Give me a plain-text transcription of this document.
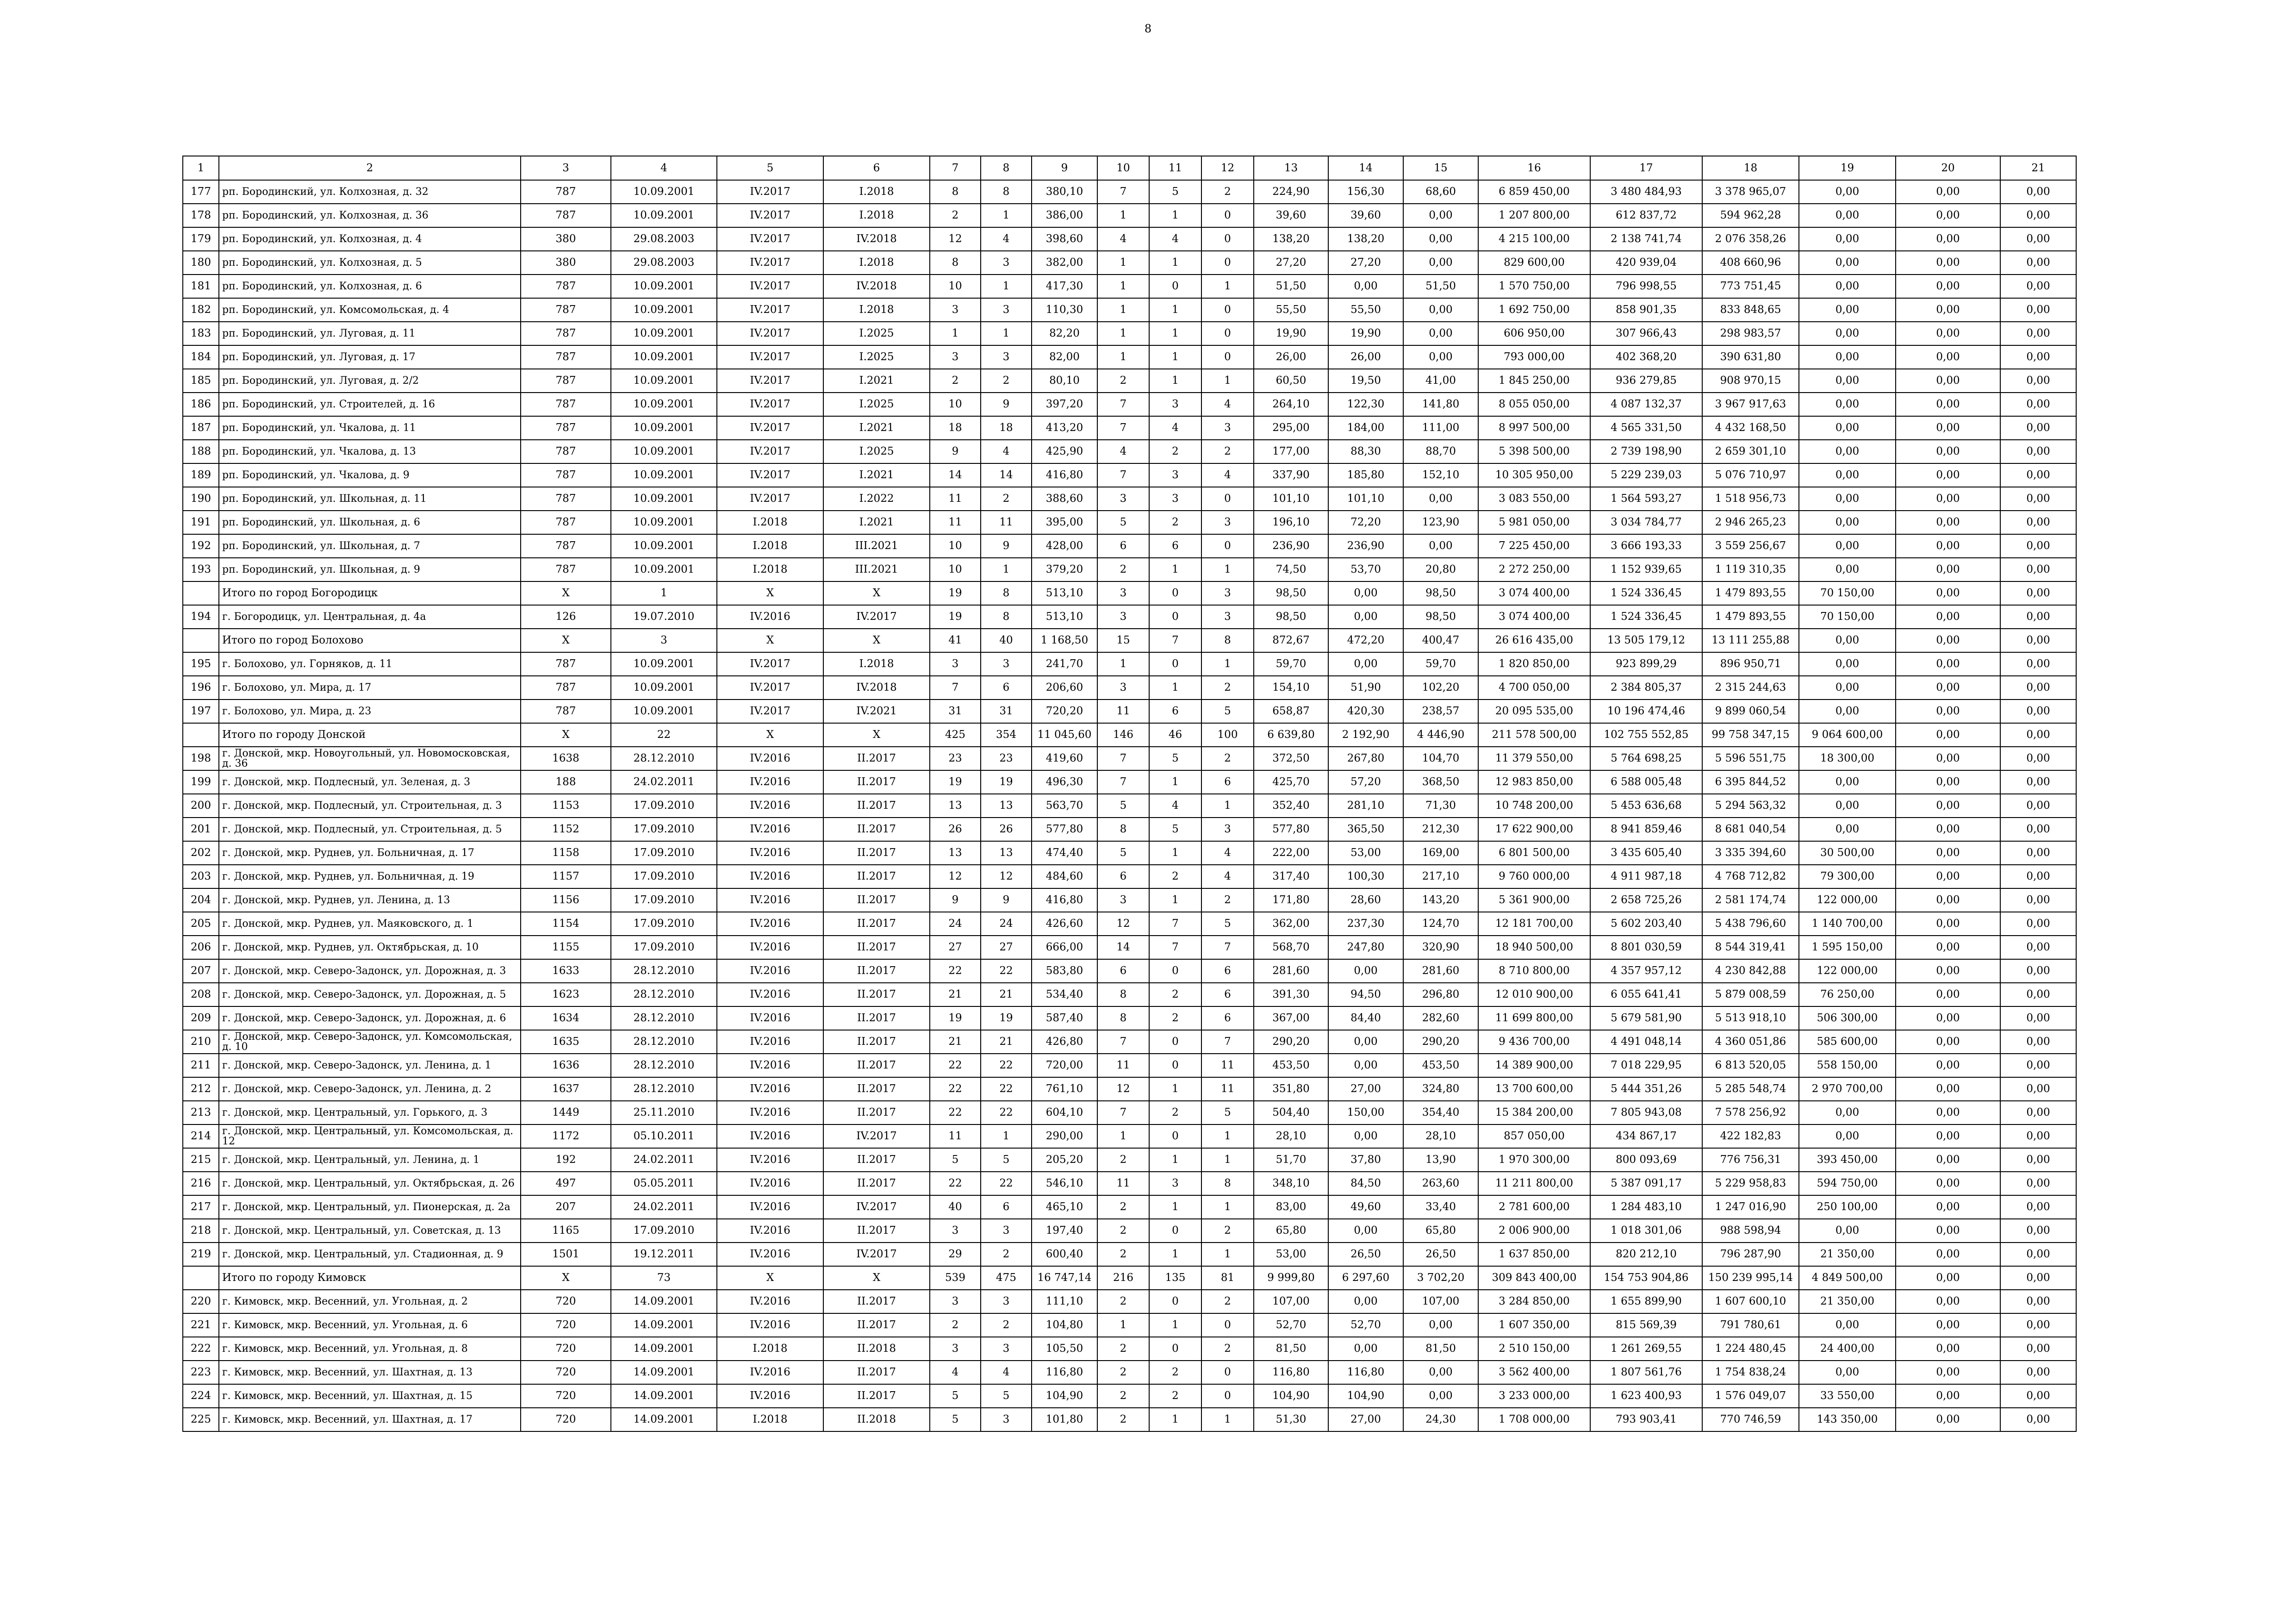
8
1	2	3	4	5	6	7	8	9	10	11	12	13	14	15	16	17	18	19	20	21
177	рп. Бородинский, ул. Колхозная, д. 32	787	10.09.2001	IV.2017	I.2018	8	8	380,10	7	5	2	224,90	156,30	68,60	6 859 450,00	3 480 484,93	3 378 965,07	0,00	0,00	0,00
178	рп. Бородинский, ул. Колхозная, д. 36	787	10.09.2001	IV.2017	I.2018	2	1	386,00	1	1	0	39,60	39,60	0,00	1 207 800,00	612 837,72	594 962,28	0,00	0,00	0,00
179	рп. Бородинский, ул. Колхозная, д. 4	380	29.08.2003	IV.2017	IV.2018	12	4	398,60	4	4	0	138,20	138,20	0,00	4 215 100,00	2 138 741,74	2 076 358,26	0,00	0,00	0,00
180	рп. Бородинский, ул. Колхозная, д. 5	380	29.08.2003	IV.2017	I.2018	8	3	382,00	1	1	0	27,20	27,20	0,00	829 600,00	420 939,04	408 660,96	0,00	0,00	0,00
181	рп. Бородинский, ул. Колхозная, д. 6	787	10.09.2001	IV.2017	IV.2018	10	1	417,30	1	0	1	51,50	0,00	51,50	1 570 750,00	796 998,55	773 751,45	0,00	0,00	0,00
182	рп. Бородинский, ул. Комсомольская, д. 4	787	10.09.2001	IV.2017	I.2018	3	3	110,30	1	1	0	55,50	55,50	0,00	1 692 750,00	858 901,35	833 848,65	0,00	0,00	0,00
183	рп. Бородинский, ул. Луговая, д. 11	787	10.09.2001	IV.2017	I.2025	1	1	82,20	1	1	0	19,90	19,90	0,00	606 950,00	307 966,43	298 983,57	0,00	0,00	0,00
184	рп. Бородинский, ул. Луговая, д. 17	787	10.09.2001	IV.2017	I.2025	3	3	82,00	1	1	0	26,00	26,00	0,00	793 000,00	402 368,20	390 631,80	0,00	0,00	0,00
185	рп. Бородинский, ул. Луговая, д. 2/2	787	10.09.2001	IV.2017	I.2021	2	2	80,10	2	1	1	60,50	19,50	41,00	1 845 250,00	936 279,85	908 970,15	0,00	0,00	0,00
186	рп. Бородинский, ул. Строителей, д. 16	787	10.09.2001	IV.2017	I.2025	10	9	397,20	7	3	4	264,10	122,30	141,80	8 055 050,00	4 087 132,37	3 967 917,63	0,00	0,00	0,00
187	рп. Бородинский, ул. Чкалова, д. 11	787	10.09.2001	IV.2017	I.2021	18	18	413,20	7	4	3	295,00	184,00	111,00	8 997 500,00	4 565 331,50	4 432 168,50	0,00	0,00	0,00
188	рп. Бородинский, ул. Чкалова, д. 13	787	10.09.2001	IV.2017	I.2025	9	4	425,90	4	2	2	177,00	88,30	88,70	5 398 500,00	2 739 198,90	2 659 301,10	0,00	0,00	0,00
189	рп. Бородинский, ул. Чкалова, д. 9	787	10.09.2001	IV.2017	I.2021	14	14	416,80	7	3	4	337,90	185,80	152,10	10 305 950,00	5 229 239,03	5 076 710,97	0,00	0,00	0,00
190	рп. Бородинский, ул. Школьная, д. 11	787	10.09.2001	IV.2017	I.2022	11	2	388,60	3	3	0	101,10	101,10	0,00	3 083 550,00	1 564 593,27	1 518 956,73	0,00	0,00	0,00
191	рп. Бородинский, ул. Школьная, д. 6	787	10.09.2001	I.2018	I.2021	11	11	395,00	5	2	3	196,10	72,20	123,90	5 981 050,00	3 034 784,77	2 946 265,23	0,00	0,00	0,00
192	рп. Бородинский, ул. Школьная, д. 7	787	10.09.2001	I.2018	III.2021	10	9	428,00	6	6	0	236,90	236,90	0,00	7 225 450,00	3 666 193,33	3 559 256,67	0,00	0,00	0,00
193	рп. Бородинский, ул. Школьная, д. 9	787	10.09.2001	I.2018	III.2021	10	1	379,20	2	1	1	74,50	53,70	20,80	2 272 250,00	1 152 939,65	1 119 310,35	0,00	0,00	0,00
	Итого по город Богородицк	X	1	X	X	19	8	513,10	3	0	3	98,50	0,00	98,50	3 074 400,00	1 524 336,45	1 479 893,55	70 150,00	0,00	0,00
194	г. Богородицк, ул. Центральная, д. 4а	126	19.07.2010	IV.2016	IV.2017	19	8	513,10	3	0	3	98,50	0,00	98,50	3 074 400,00	1 524 336,45	1 479 893,55	70 150,00	0,00	0,00
	Итого по город Болохово	X	3	X	X	41	40	1 168,50	15	7	8	872,67	472,20	400,47	26 616 435,00	13 505 179,12	13 111 255,88	0,00	0,00	0,00
195	г. Болохово, ул. Горняков, д. 11	787	10.09.2001	IV.2017	I.2018	3	3	241,70	1	0	1	59,70	0,00	59,70	1 820 850,00	923 899,29	896 950,71	0,00	0,00	0,00
196	г. Болохово, ул. Мира, д. 17	787	10.09.2001	IV.2017	IV.2018	7	6	206,60	3	1	2	154,10	51,90	102,20	4 700 050,00	2 384 805,37	2 315 244,63	0,00	0,00	0,00
197	г. Болохово, ул. Мира, д. 23	787	10.09.2001	IV.2017	IV.2021	31	31	720,20	11	6	5	658,87	420,30	238,57	20 095 535,00	10 196 474,46	9 899 060,54	0,00	0,00	0,00
	Итого по городу Донской	X	22	X	X	425	354	11 045,60	146	46	100	6 639,80	2 192,90	4 446,90	211 578 500,00	102 755 552,85	99 758 347,15	9 064 600,00	0,00	0,00
198	г. Донской, мкр. Новоугольный, ул. Новомосковская, д. 36	1638	28.12.2010	IV.2016	II.2017	23	23	419,60	7	5	2	372,50	267,80	104,70	11 379 550,00	5 764 698,25	5 596 551,75	18 300,00	0,00	0,00
199	г. Донской, мкр. Подлесный, ул. Зеленая, д. 3	188	24.02.2011	IV.2016	II.2017	19	19	496,30	7	1	6	425,70	57,20	368,50	12 983 850,00	6 588 005,48	6 395 844,52	0,00	0,00	0,00
200	г. Донской, мкр. Подлесный, ул. Строительная, д. 3	1153	17.09.2010	IV.2016	II.2017	13	13	563,70	5	4	1	352,40	281,10	71,30	10 748 200,00	5 453 636,68	5 294 563,32	0,00	0,00	0,00
201	г. Донской, мкр. Подлесный, ул. Строительная, д. 5	1152	17.09.2010	IV.2016	II.2017	26	26	577,80	8	5	3	577,80	365,50	212,30	17 622 900,00	8 941 859,46	8 681 040,54	0,00	0,00	0,00
202	г. Донской, мкр. Руднев, ул. Больничная, д. 17	1158	17.09.2010	IV.2016	II.2017	13	13	474,40	5	1	4	222,00	53,00	169,00	6 801 500,00	3 435 605,40	3 335 394,60	30 500,00	0,00	0,00
203	г. Донской, мкр. Руднев, ул. Больничная, д. 19	1157	17.09.2010	IV.2016	II.2017	12	12	484,60	6	2	4	317,40	100,30	217,10	9 760 000,00	4 911 987,18	4 768 712,82	79 300,00	0,00	0,00
204	г. Донской, мкр. Руднев, ул. Ленина, д. 13	1156	17.09.2010	IV.2016	II.2017	9	9	416,80	3	1	2	171,80	28,60	143,20	5 361 900,00	2 658 725,26	2 581 174,74	122 000,00	0,00	0,00
205	г. Донской, мкр. Руднев, ул. Маяковского, д. 1	1154	17.09.2010	IV.2016	II.2017	24	24	426,60	12	7	5	362,00	237,30	124,70	12 181 700,00	5 602 203,40	5 438 796,60	1 140 700,00	0,00	0,00
206	г. Донской, мкр. Руднев, ул. Октябрьская, д. 10	1155	17.09.2010	IV.2016	II.2017	27	27	666,00	14	7	7	568,70	247,80	320,90	18 940 500,00	8 801 030,59	8 544 319,41	1 595 150,00	0,00	0,00
207	г. Донской, мкр. Северо-Задонск, ул. Дорожная, д. 3	1633	28.12.2010	IV.2016	II.2017	22	22	583,80	6	0	6	281,60	0,00	281,60	8 710 800,00	4 357 957,12	4 230 842,88	122 000,00	0,00	0,00
208	г. Донской, мкр. Северо-Задонск, ул. Дорожная, д. 5	1623	28.12.2010	IV.2016	II.2017	21	21	534,40	8	2	6	391,30	94,50	296,80	12 010 900,00	6 055 641,41	5 879 008,59	76 250,00	0,00	0,00
209	г. Донской, мкр. Северо-Задонск, ул. Дорожная, д. 6	1634	28.12.2010	IV.2016	II.2017	19	19	587,40	8	2	6	367,00	84,40	282,60	11 699 800,00	5 679 581,90	5 513 918,10	506 300,00	0,00	0,00
210	г. Донской, мкр. Северо-Задонск, ул. Комсомольская, д. 10	1635	28.12.2010	IV.2016	II.2017	21	21	426,80	7	0	7	290,20	0,00	290,20	9 436 700,00	4 491 048,14	4 360 051,86	585 600,00	0,00	0,00
211	г. Донской, мкр. Северо-Задонск, ул. Ленина, д. 1	1636	28.12.2010	IV.2016	II.2017	22	22	720,00	11	0	11	453,50	0,00	453,50	14 389 900,00	7 018 229,95	6 813 520,05	558 150,00	0,00	0,00
212	г. Донской, мкр. Северо-Задонск, ул. Ленина, д. 2	1637	28.12.2010	IV.2016	II.2017	22	22	761,10	12	1	11	351,80	27,00	324,80	13 700 600,00	5 444 351,26	5 285 548,74	2 970 700,00	0,00	0,00
213	г. Донской, мкр. Центральный, ул. Горького, д. 3	1449	25.11.2010	IV.2016	II.2017	22	22	604,10	7	2	5	504,40	150,00	354,40	15 384 200,00	7 805 943,08	7 578 256,92	0,00	0,00	0,00
214	г. Донской, мкр. Центральный, ул. Комсомольская, д. 12	1172	05.10.2011	IV.2016	IV.2017	11	1	290,00	1	0	1	28,10	0,00	28,10	857 050,00	434 867,17	422 182,83	0,00	0,00	0,00
215	г. Донской, мкр. Центральный, ул. Ленина, д. 1	192	24.02.2011	IV.2016	II.2017	5	5	205,20	2	1	1	51,70	37,80	13,90	1 970 300,00	800 093,69	776 756,31	393 450,00	0,00	0,00
216	г. Донской, мкр. Центральный, ул. Октябрьская, д. 26	497	05.05.2011	IV.2016	II.2017	22	22	546,10	11	3	8	348,10	84,50	263,60	11 211 800,00	5 387 091,17	5 229 958,83	594 750,00	0,00	0,00
217	г. Донской, мкр. Центральный, ул. Пионерская, д. 2а	207	24.02.2011	IV.2016	IV.2017	40	6	465,10	2	1	1	83,00	49,60	33,40	2 781 600,00	1 284 483,10	1 247 016,90	250 100,00	0,00	0,00
218	г. Донской, мкр. Центральный, ул. Советская, д. 13	1165	17.09.2010	IV.2016	II.2017	3	3	197,40	2	0	2	65,80	0,00	65,80	2 006 900,00	1 018 301,06	988 598,94	0,00	0,00	0,00
219	г. Донской, мкр. Центральный, ул. Стадионная, д. 9	1501	19.12.2011	IV.2016	IV.2017	29	2	600,40	2	1	1	53,00	26,50	26,50	1 637 850,00	820 212,10	796 287,90	21 350,00	0,00	0,00
	Итого по городу Кимовск	X	73	X	X	539	475	16 747,14	216	135	81	9 999,80	6 297,60	3 702,20	309 843 400,00	154 753 904,86	150 239 995,14	4 849 500,00	0,00	0,00
220	г. Кимовск, мкр. Весенний, ул. Угольная, д. 2	720	14.09.2001	IV.2016	II.2017	3	3	111,10	2	0	2	107,00	0,00	107,00	3 284 850,00	1 655 899,90	1 607 600,10	21 350,00	0,00	0,00
221	г. Кимовск, мкр. Весенний, ул. Угольная, д. 6	720	14.09.2001	IV.2016	II.2017	2	2	104,80	1	1	0	52,70	52,70	0,00	1 607 350,00	815 569,39	791 780,61	0,00	0,00	0,00
222	г. Кимовск, мкр. Весенний, ул. Угольная, д. 8	720	14.09.2001	I.2018	II.2018	3	3	105,50	2	0	2	81,50	0,00	81,50	2 510 150,00	1 261 269,55	1 224 480,45	24 400,00	0,00	0,00
223	г. Кимовск, мкр. Весенний, ул. Шахтная, д. 13	720	14.09.2001	IV.2016	II.2017	4	4	116,80	2	2	0	116,80	116,80	0,00	3 562 400,00	1 807 561,76	1 754 838,24	0,00	0,00	0,00
224	г. Кимовск, мкр. Весенний, ул. Шахтная, д. 15	720	14.09.2001	IV.2016	II.2017	5	5	104,90	2	2	0	104,90	104,90	0,00	3 233 000,00	1 623 400,93	1 576 049,07	33 550,00	0,00	0,00
225	г. Кимовск, мкр. Весенний, ул. Шахтная, д. 17	720	14.09.2001	I.2018	II.2018	5	3	101,80	2	1	1	51,30	27,00	24,30	1 708 000,00	793 903,41	770 746,59	143 350,00	0,00	0,00
